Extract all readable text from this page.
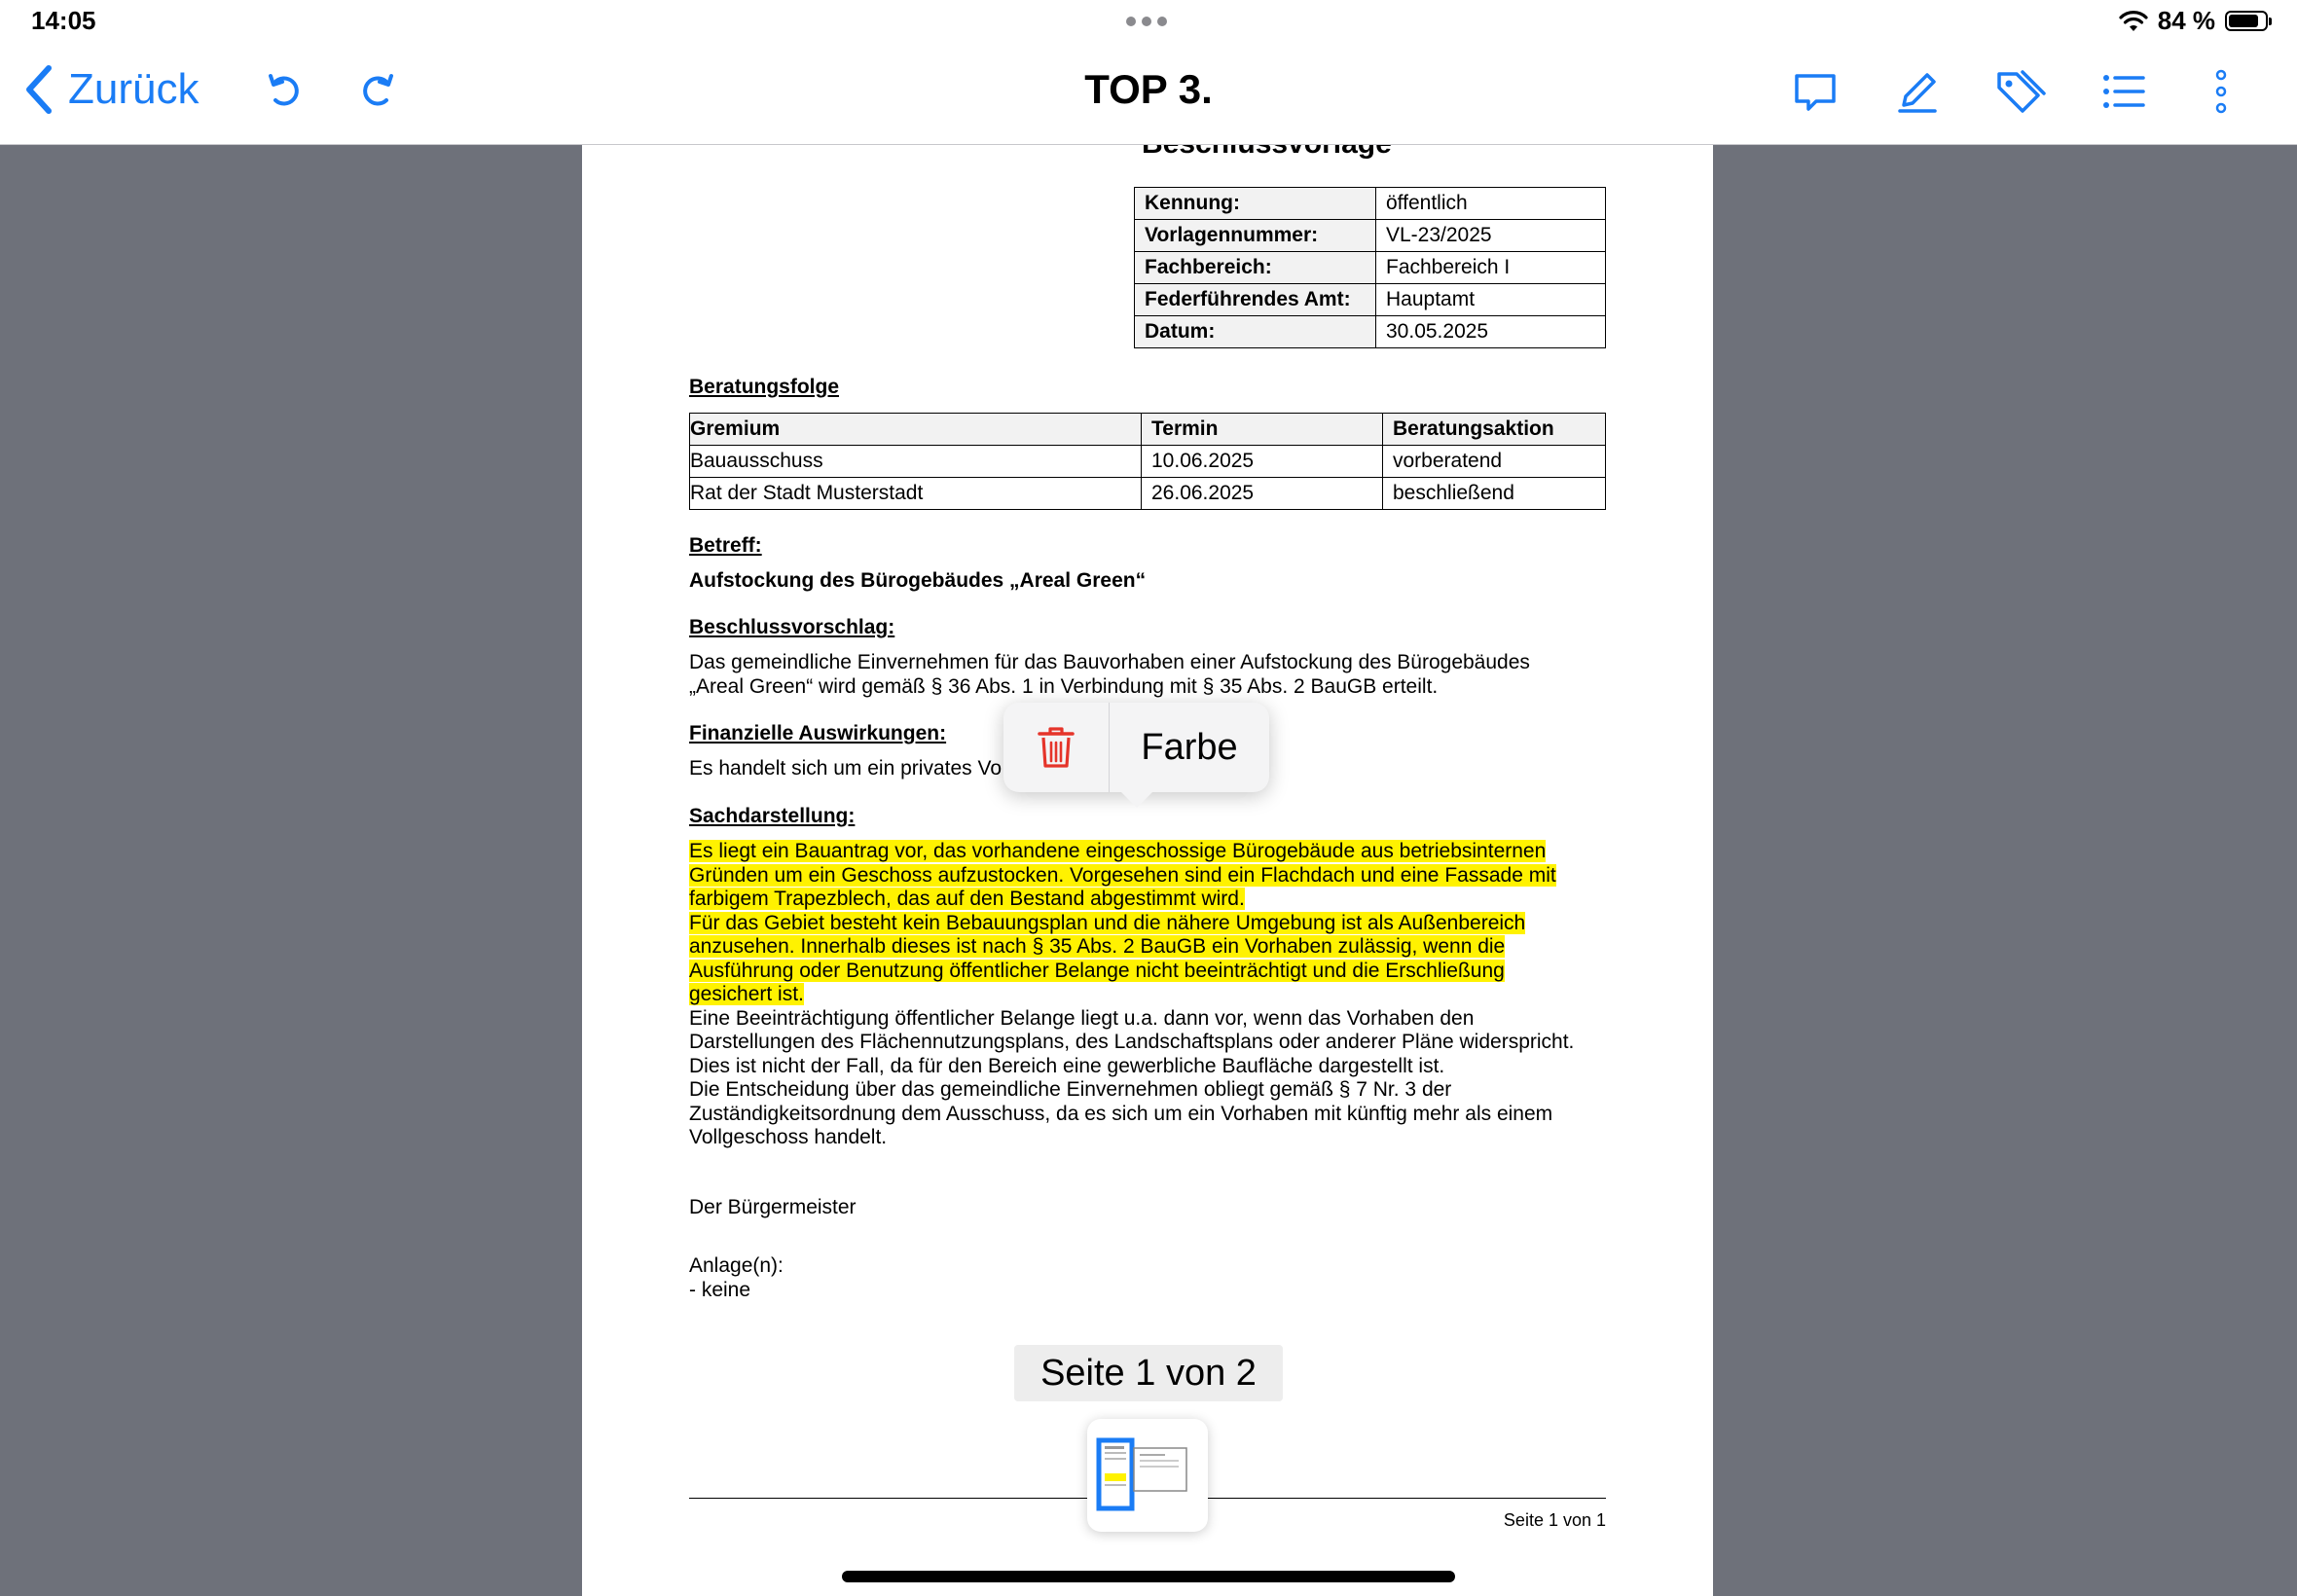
14:05	84 %
Zurück	TOP 3.
Kennung:	öffentlich
Vorlagennummer:	VL-23/2025
Fachbereich:	Fachbereich I
Federführendes Amt:	Hauptamt
Datum:	30.05.2025
Beratungsfolge
Gremium	Termin	Beratungsaktion
Bauausschuss	10.06.2025	vorberatend
Rat der Stadt Musterstadt	26.06.2025	beschließend
Betreff:
Aufstockung des Bürogebäudes „Areal Green“
Beschlussvorschlag:
Das gemeindliche Einvernehmen für das Bauvorhaben einer Aufstockung des Bürogebäudes
„Areal Green“ wird gemäß § 36 Abs. 1 in Verbindung mit § 35 Abs. 2 BauGB erteilt.
Finanzielle Auswirkungen:
Es handelt sich um ein privates Vo
Sachdarstellung:
Es liegt ein Bauantrag vor, das vorhandene eingeschossige Bürogebäude aus betriebsinternen
Gründen um ein Geschoss aufzustocken. Vorgesehen sind ein Flachdach und eine Fassade mit
farbigem Trapezblech, das auf den Bestand abgestimmt wird.
Für das Gebiet besteht kein Bebauungsplan und die nähere Umgebung ist als Außenbereich
anzusehen. Innerhalb dieses ist nach § 35 Abs. 2 BauGB ein Vorhaben zulässig, wenn die
Ausführung oder Benutzung öffentlicher Belange nicht beeinträchtigt und die Erschließung
gesichert ist.
Eine Beeinträchtigung öffentlicher Belange liegt u.a. dann vor, wenn das Vorhaben den
Darstellungen des Flächennutzungsplans, des Landschaftsplans oder anderer Pläne widerspricht.
Dies ist nicht der Fall, da für den Bereich eine gewerbliche Baufläche dargestellt ist.
Die Entscheidung über das gemeindliche Einvernehmen obliegt gemäß § 7 Nr. 3 der
Zuständigkeitsordnung dem Ausschuss, da es sich um ein Vorhaben mit künftig mehr als einem
Vollgeschoss handelt.
Der Bürgermeister
Anlage(n):
- keine
Seite 1 von 1
Farbe
Seite 1 von 2
